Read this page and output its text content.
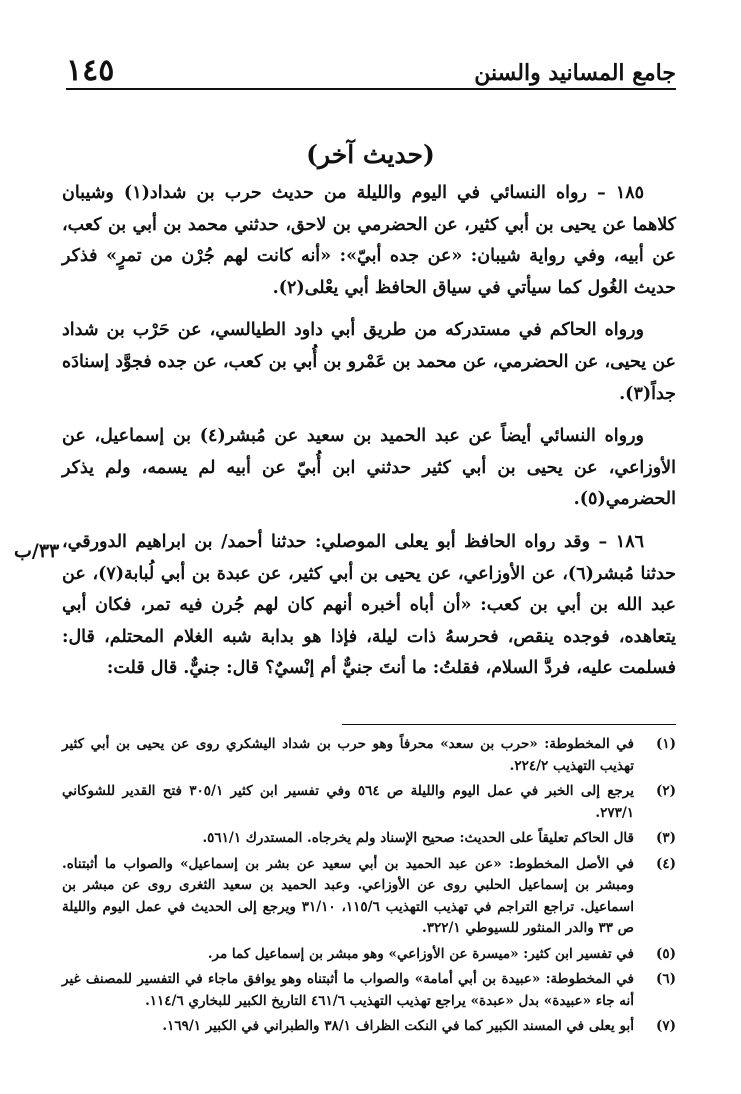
جامع المسانيد والسنن
١٤٥
(حديث آخر)

١٨٥ – رواه النسائي في اليوم والليلة من حديث حرب بن شداد(١) وشيبان كلاهما عن يحيى بن أبي كثير، عن الحضرمي بن لاحق، حدثني محمد بن أبي بن كعب، عن أبيه، وفي رواية شيبان: «عن جده أبيّ»: «أنه كانت لهم جُرْن من تمرٍ» فذكر حديث الغُول كما سيأتي في سياق الحافظ أبي يعْلى(٢).

ورواه الحاكم في مستدركه من طريق أبي داود الطيالسي، عن حَرْب بن شداد عن يحيى، عن الحضرمي، عن محمد بن عَمْرو بن أُبي بن كعب، عن جده فجوَّد إسنادَه جداً(٣).

ورواه النسائي أيضاً عن عبد الحميد بن سعيد عن مُبشر(٤) بن إسماعيل، عن الأوزاعي، عن يحيى بن أبي كثير حدثني ابن أُبيّ عن أبيه لم يسمه، ولم يذكر الحضرمي(٥).

١٨٦ – وقد رواه الحافظ أبو يعلى الموصلي: حدثنا أحمد/ بن ابراهيم الدورقي، حدثنا مُبشر(٦)، عن الأوزاعي، عن يحيى بن أبي كثير، عن عبدة بن أبي لُبابة(٧)، عن عبد الله بن أبي بن كعب: «أن أباه أخبره أنهم كان لهم جُرن فيه تمر، فكان أبي يتعاهده، فوجده ينقص، فحرسهُ ذات ليلة، فإذا هو بدابة شبه الغلام المحتلم، قال: فسلمت عليه، فردَّ السلام، فقلتُ: ما أنتَ جنيٌّ أم إنْسيٌ؟ قال: جنيٌّ. قال قلت:

٣٣/ب
(١)
في المخطوطة: «حرب بن سعد» محرفاً وهو حرب بن شداد اليشكري روى عن يحيى بن أبي كثير تهذيب التهذيب ٢٢٤/٢.
(٢)
يرجع إلى الخبر في عمل اليوم والليلة ص ٥٦٤ وفي تفسير ابن كثير ٣٠٥/١ فتح القدير للشوكاني ٢٧٣/١.
(٣)
قال الحاكم تعليقاً على الحديث: صحيح الإسناد ولم يخرجاه. المستدرك ٥٦١/١.
(٤)
في الأصل المخطوط: «عن عبد الحميد بن أبي سعيد عن بشر بن إسماعيل» والصواب ما أثبتناه. ومبشر بن إسماعيل الحلبي روى عن الأوزاعي. وعبد الحميد بن سعيد الثغرى روى عن مبشر بن اسماعيل. تراجع التراجم في تهذيب التهذيب ١١٥/٦، ٣١/١٠ ويرجع إلى الحديث في عمل اليوم والليلة ص ٣٣ والدر المنثور للسيوطي ٣٢٢/١.
(٥)
في تفسير ابن كثير: «ميسرة عن الأوزاعي» وهو مبشر بن إسماعيل كما مر.
(٦)
في المخطوطة: «عبيدة بن أبي أمامة» والصواب ما أثبتناه وهو يوافق ماجاء في التفسير للمصنف غير أنه جاء «عبيدة» بدل «عبدة» يراجع تهذيب التهذيب ٤٦١/٦ التاريخ الكبير للبخاري ١١٤/٦.
(٧)
أبو يعلى في المسند الكبير كما في النكت الظراف ٣٨/١ والطبراني في الكبير ١٦٩/١.
